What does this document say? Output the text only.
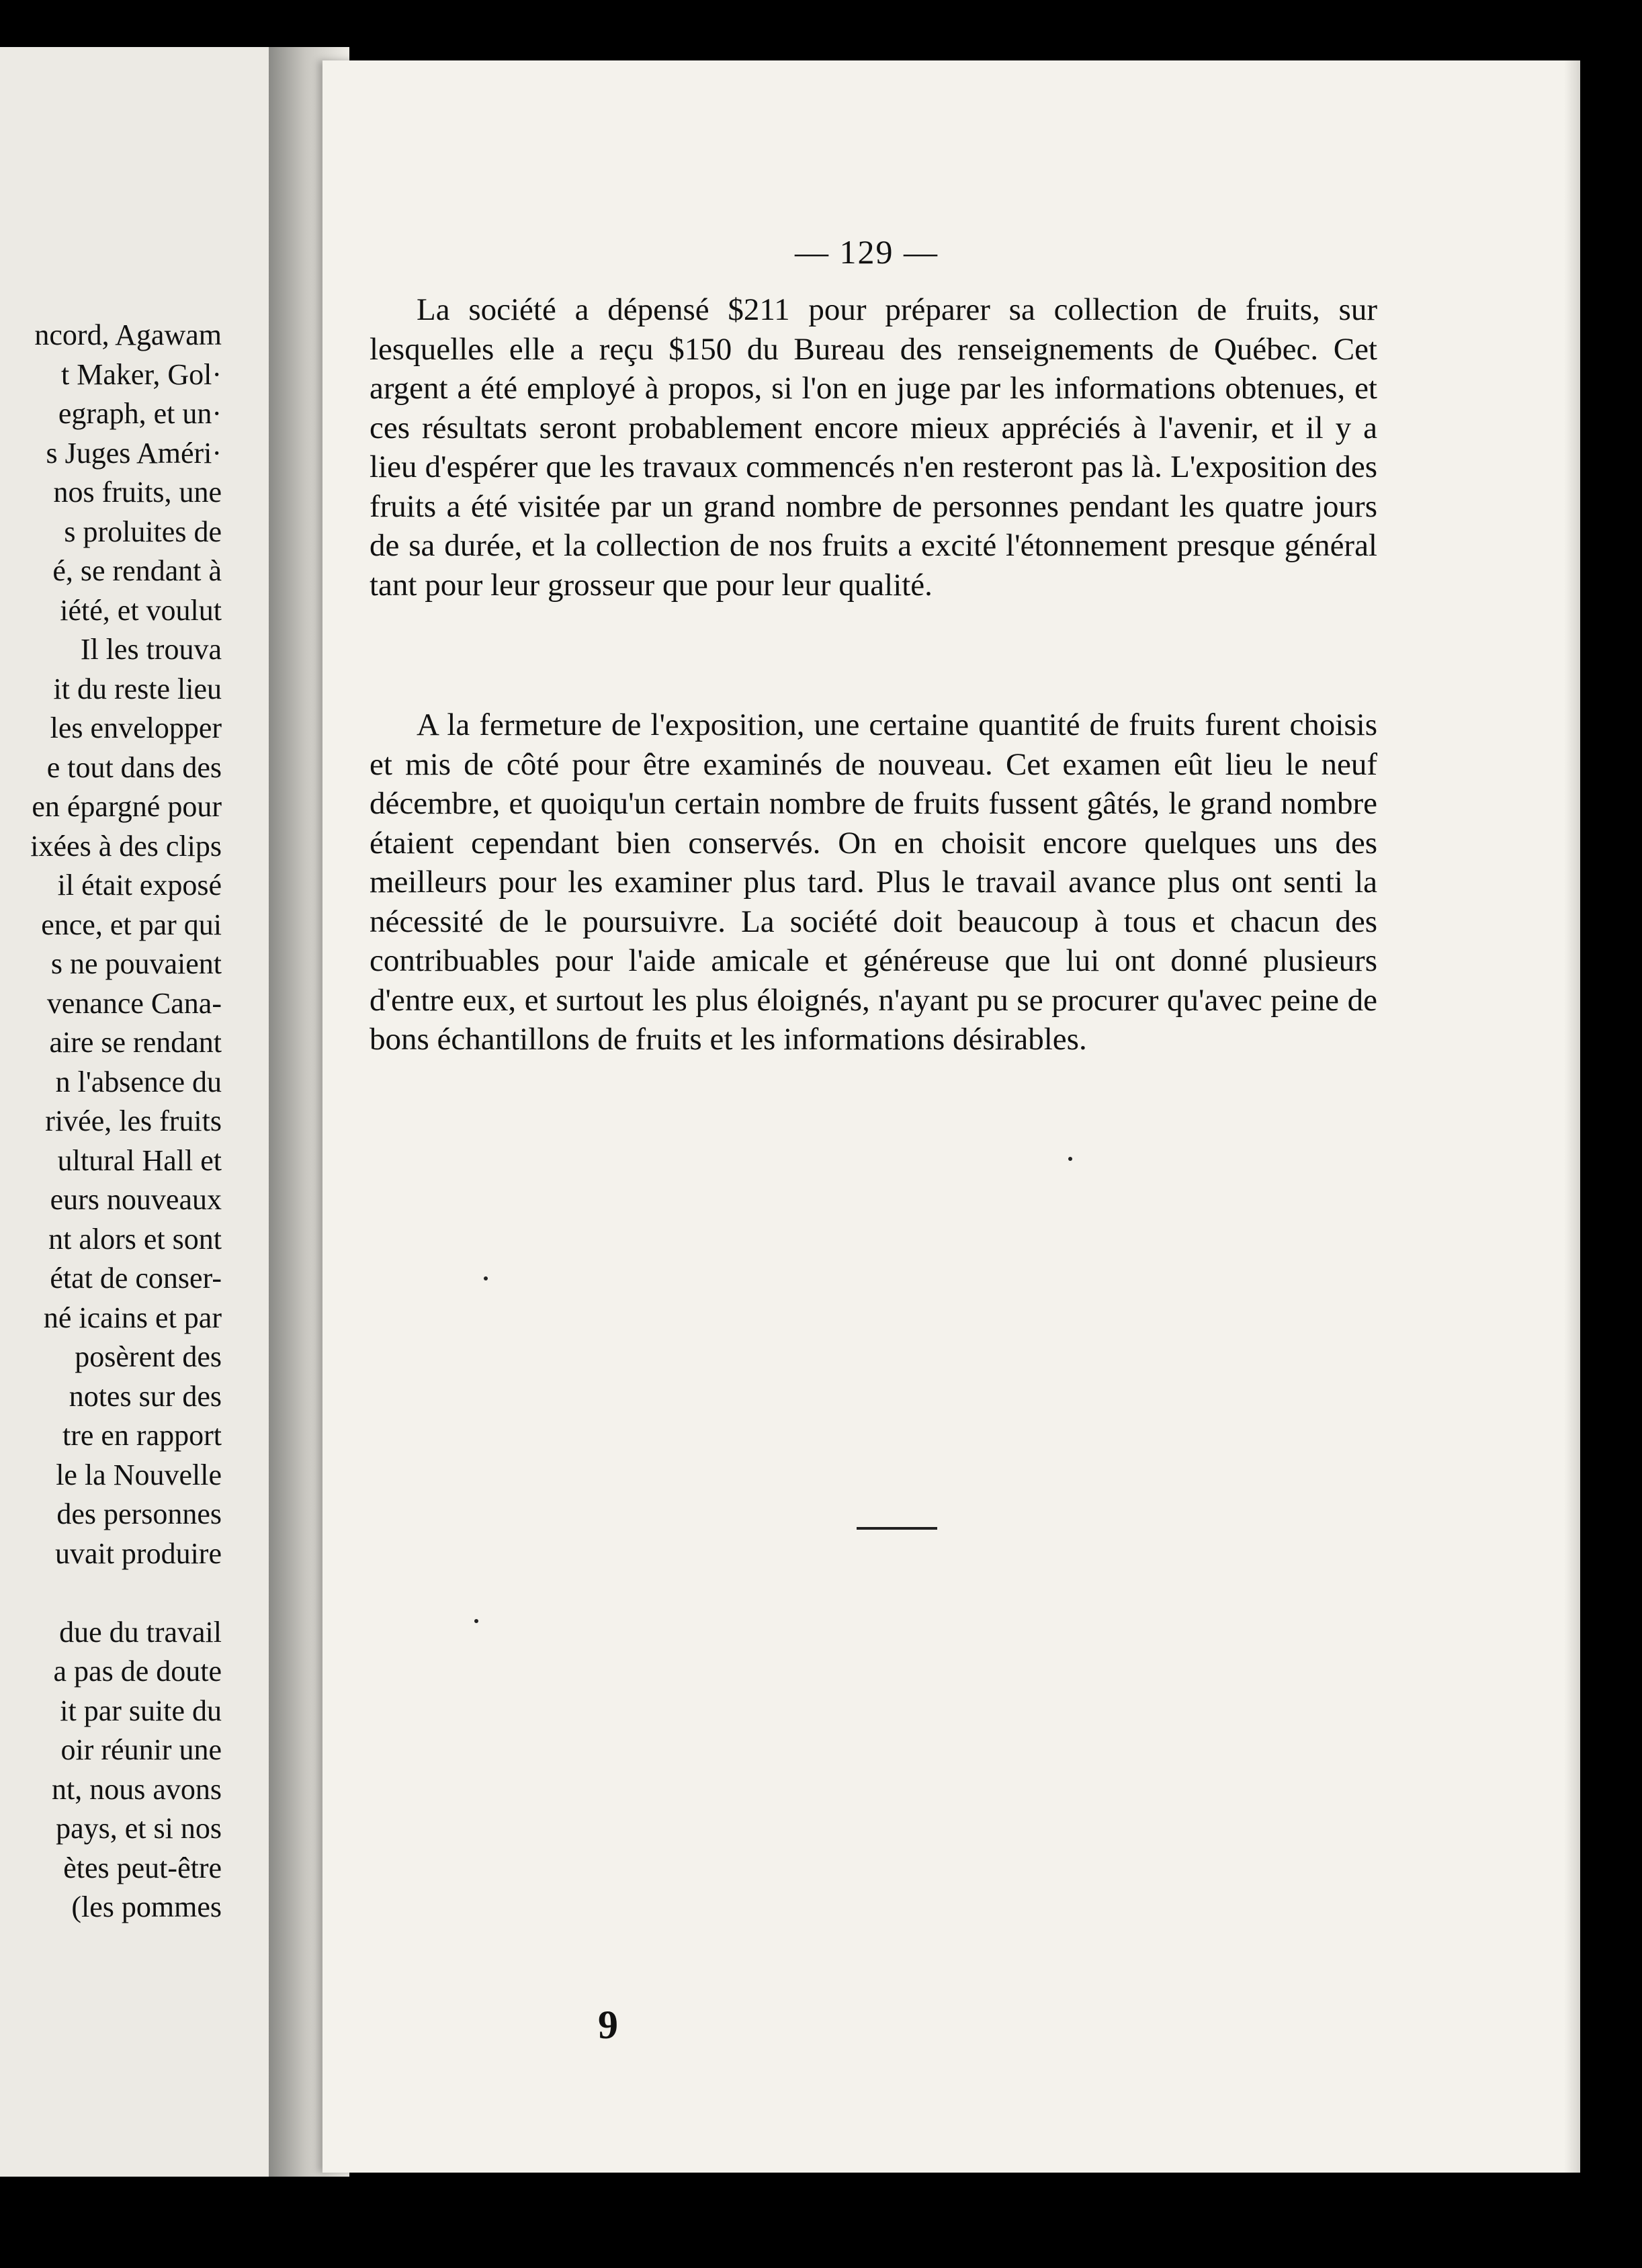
ncord, Agawam
t Maker, Gol·
egraph, et un·
s Juges Améri·
nos fruits, une
s proluites de
é, se rendant à
iété, et voulut
Il les trouva
it du reste lieu
les envelopper
e tout dans des
en épargné pour
ixées à des clips
il était exposé
ence, et par qui
s ne pouvaient
venance Cana-
aire se rendant
n l'absence du
rivée, les fruits
ultural Hall et
eurs nouveaux
nt alors et sont
état de conser-
né icains et par
posèrent des
notes sur des
tre en rapport
le la Nouvelle
des personnes
uvait produire

due du travail
a pas de doute
it par suite du
oir réunir une
nt, nous avons
pays, et si nos
ètes peut-être
(les pommes
— 129 —

La société a dépensé $211 pour préparer sa collection de fruits, sur lesquelles elle a reçu $150 du Bureau des renseignements de Québec. Cet argent a été employé à propos, si l'on en juge par les informations obtenues, et ces résultats seront probablement encore mieux appréciés à l'avenir, et il y a lieu d'espérer que les travaux commencés n'en resteront pas là. L'exposition des fruits a été visitée par un grand nombre de personnes pendant les quatre jours de sa durée, et la collection de nos fruits a excité l'étonnement presque général tant pour leur grosseur que pour leur qualité.

A la fermeture de l'exposition, une certaine quantité de fruits furent choisis et mis de côté pour être examinés de nouveau. Cet examen eût lieu le neuf décembre, et quoiqu'un certain nombre de fruits fussent gâtés, le grand nombre étaient cependant bien conservés. On en choisit encore quelques uns des meilleurs pour les examiner plus tard. Plus le travail avance plus ont senti la nécessité de le poursuivre. La société doit beaucoup à tous et chacun des contribuables pour l'aide amicale et généreuse que lui ont donné plusieurs d'entre eux, et surtout les plus éloignés, n'ayant pu se procurer qu'avec peine de bons échantillons de fruits et les informations désirables.

9
